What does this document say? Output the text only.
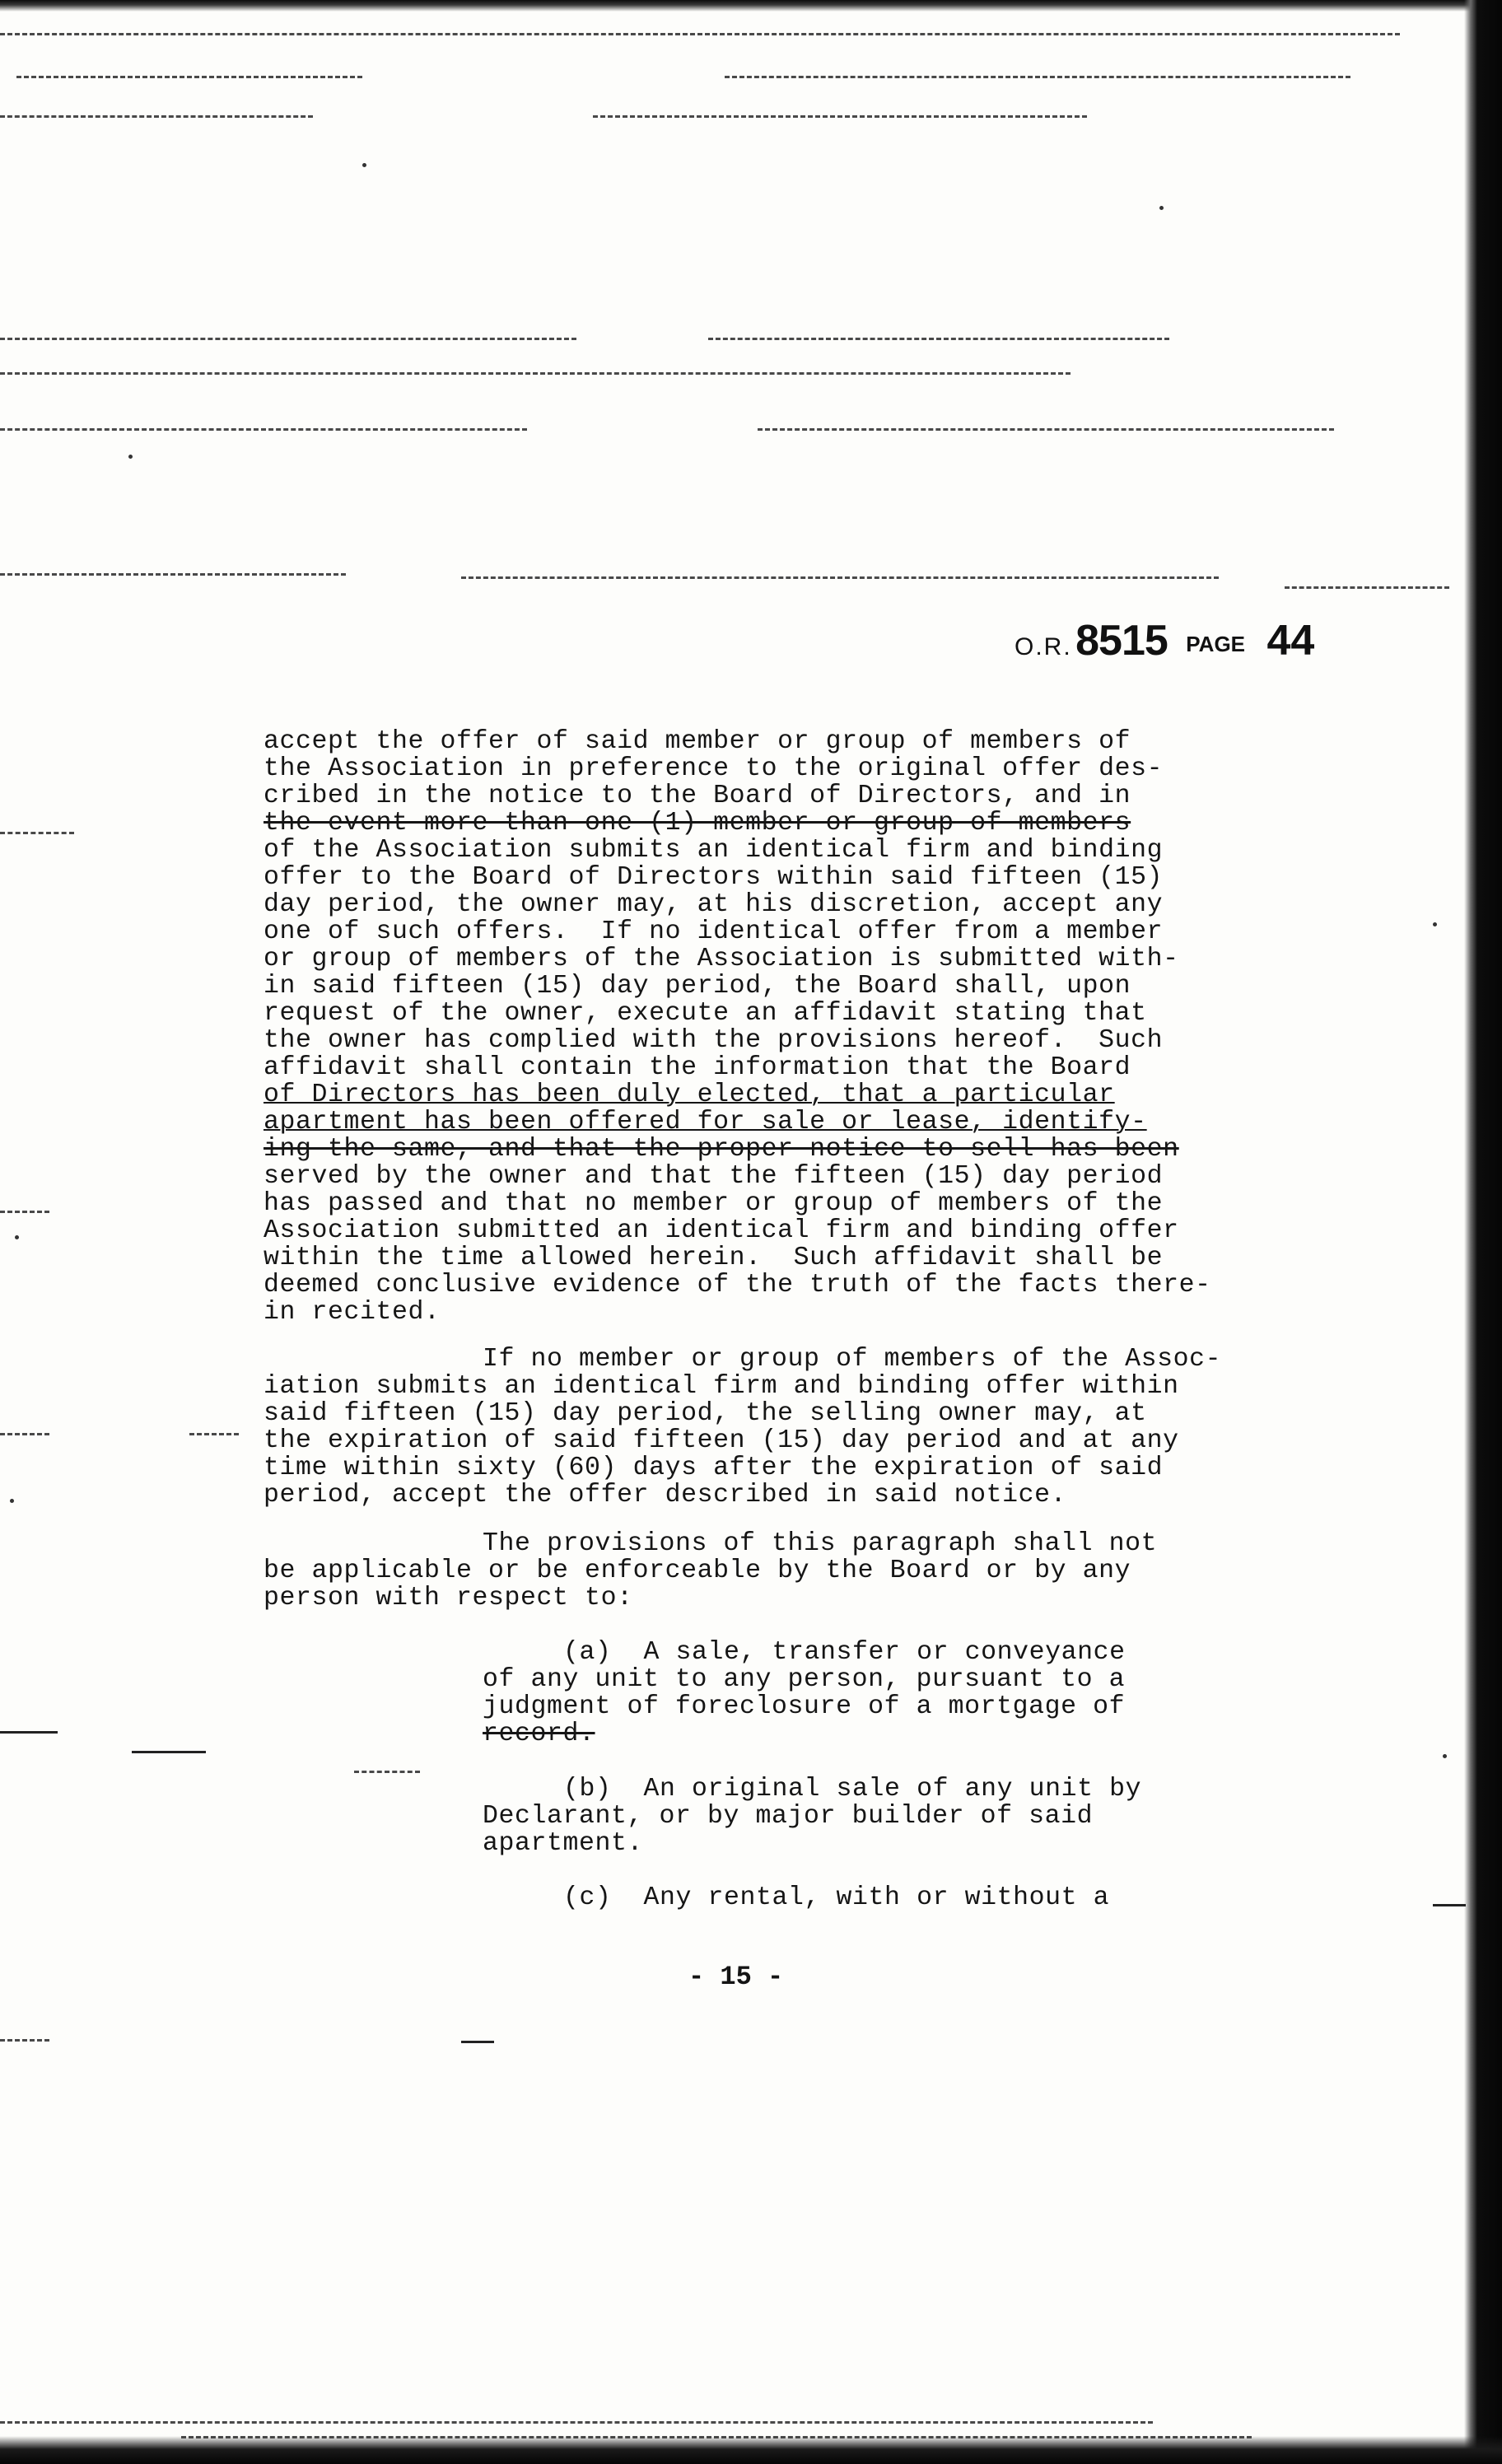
O.R. 8515 PAGE 44
accept the offer of said member or group of members of
the Association in preference to the original offer des-
cribed in the notice to the Board of Directors, and in
the event more than one (1) member or group of members
of the Association submits an identical firm and binding
offer to the Board of Directors within said fifteen (15)
day period, the owner may, at his discretion, accept any
one of such offers.  If no identical offer from a member
or group of members of the Association is submitted with-
in said fifteen (15) day period, the Board shall, upon
request of the owner, execute an affidavit stating that
the owner has complied with the provisions hereof.  Such
affidavit shall contain the information that the Board
of Directors has been duly elected, that a particular
apartment has been offered for sale or lease, identify-
ing the same, and that the proper notice to sell has been
served by the owner and that the fifteen (15) day period
has passed and that no member or group of members of the
Association submitted an identical firm and binding offer
within the time allowed herein.  Such affidavit shall be
deemed conclusive evidence of the truth of the facts there-
in recited.
If no member or group of members of the Assoc-
iation submits an identical firm and binding offer within
said fifteen (15) day period, the selling owner may, at
the expiration of said fifteen (15) day period and at any
time within sixty (60) days after the expiration of said
period, accept the offer described in said notice.
The provisions of this paragraph shall not
be applicable or be enforceable by the Board or by any
person with respect to:
(a)  A sale, transfer or conveyance
of any unit to any person, pursuant to a
judgment of foreclosure of a mortgage of
record.
(b)  An original sale of any unit by
Declarant, or by major builder of said
apartment.
(c)  Any rental, with or without a
- 15 -
